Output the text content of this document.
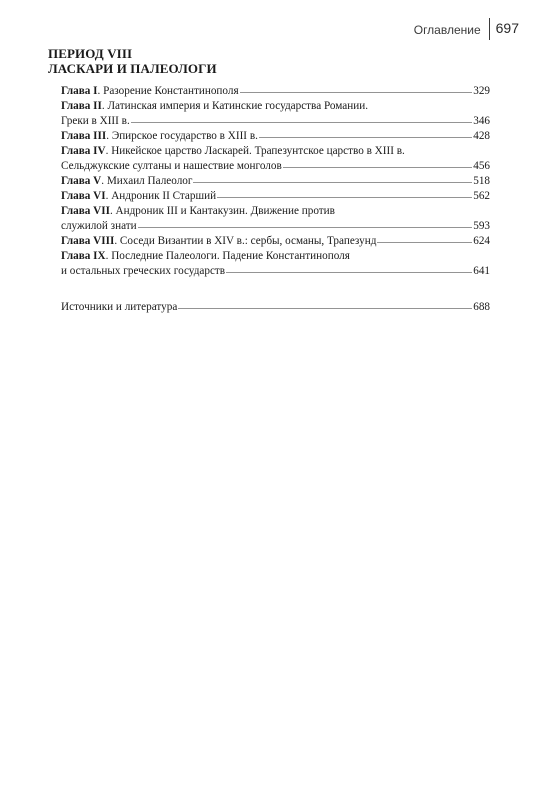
Оглавление	697
ПЕРИОД VIII
ЛАСКАРИ И ПАЛЕОЛОГИ
Глава I . Разорение Константинополя	329
Глава II . Латинская империя и Катинские государства Романии.
Греки в XIII в.	346
Глава III . Эпирское государство в XIII в.	428
Глава IV . Никейское царство Ласкарей. Трапезунтское царство в XIII в.
Сельджукские султаны и нашествие монголов	456
Глава V . Михаил Палеолог	518
Глава VI . Андроник II Старший	562
Глава VII . Андроник III и Кантакузин. Движение против
служилой знати	593
Глава VIII . Соседи Византии в XIV в.: сербы, османы, Трапезунд	624
Глава IX . Последние Палеологи. Падение Константинополя
и остальных греческих государств	641
Источники и литература	688
